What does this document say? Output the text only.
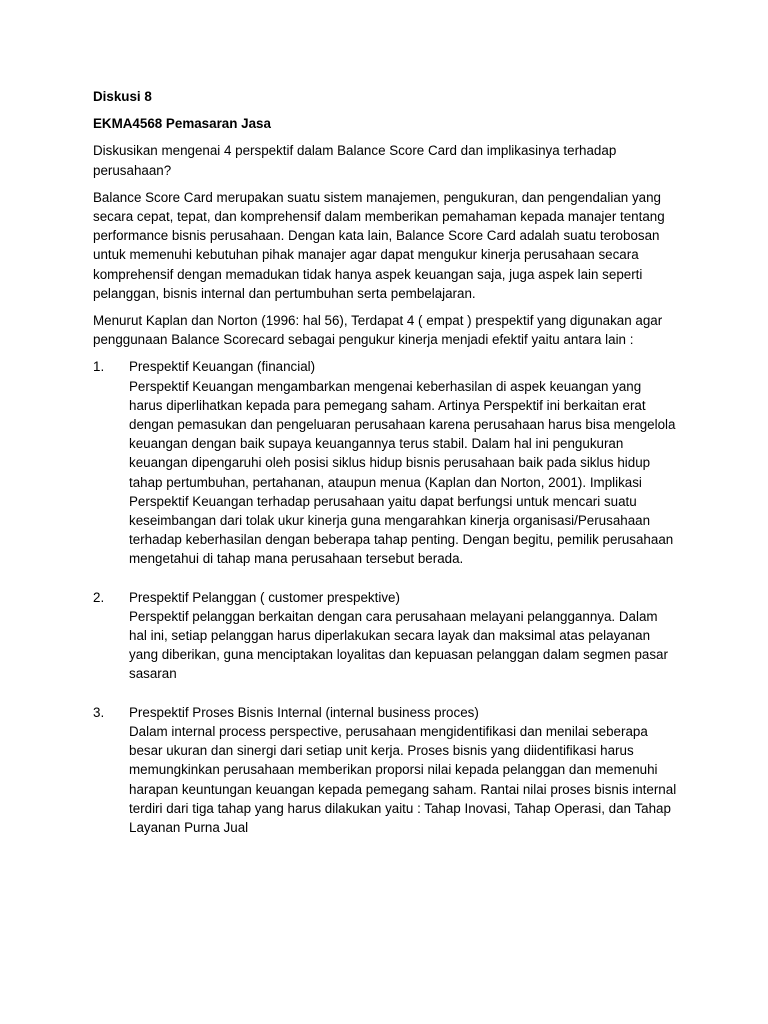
Diskusi 8

EKMA4568 Pemasaran Jasa

Diskusikan mengenai 4 perspektif dalam Balance Score Card dan implikasinya terhadap perusahaan?

Balance Score Card merupakan suatu sistem manajemen, pengukuran, dan pengendalian yang secara cepat, tepat, dan komprehensif dalam memberikan pemahaman kepada manajer tentang performance bisnis perusahaan. Dengan kata lain, Balance Score Card adalah suatu terobosan untuk memenuhi kebutuhan pihak manajer agar dapat mengukur kinerja perusahaan secara komprehensif dengan memadukan tidak hanya aspek keuangan saja, juga aspek lain seperti pelanggan, bisnis internal dan pertumbuhan serta pembelajaran.

Menurut Kaplan dan Norton (1996: hal 56), Terdapat 4 ( empat ) prespektif yang digunakan agar penggunaan Balance Scorecard sebagai pengukur kinerja menjadi efektif yaitu antara lain :

1.	Prespektif Keuangan (financial)
Perspektif Keuangan mengambarkan mengenai keberhasilan di aspek keuangan yang harus diperlihatkan kepada para pemegang saham. Artinya Perspektif ini berkaitan erat dengan pemasukan dan pengeluaran perusahaan karena perusahaan harus bisa mengelola keuangan dengan baik supaya keuangannya terus stabil. Dalam hal ini pengukuran keuangan dipengaruhi oleh posisi siklus hidup bisnis perusahaan baik pada siklus hidup tahap pertumbuhan, pertahanan, ataupun menua (Kaplan dan Norton, 2001). Implikasi Perspektif Keuangan terhadap perusahaan yaitu dapat berfungsi untuk mencari suatu keseimbangan dari tolak ukur kinerja guna mengarahkan kinerja organisasi/Perusahaan terhadap keberhasilan dengan beberapa tahap penting. Dengan begitu, pemilik perusahaan mengetahui di tahap mana perusahaan tersebut berada.
2.	Prespektif Pelanggan ( customer prespektive)
Perspektif pelanggan berkaitan dengan cara perusahaan melayani pelanggannya. Dalam hal ini, setiap pelanggan harus diperlakukan secara layak dan maksimal atas pelayanan yang diberikan, guna menciptakan loyalitas dan kepuasan pelanggan dalam segmen pasar sasaran
3.	Prespektif Proses Bisnis Internal (internal business proces)
Dalam internal process perspective, perusahaan mengidentifikasi dan menilai seberapa besar ukuran dan sinergi dari setiap unit kerja. Proses bisnis yang diidentifikasi harus memungkinkan perusahaan memberikan proporsi nilai kepada pelanggan dan memenuhi harapan keuntungan keuangan kepada pemegang saham. Rantai nilai proses bisnis internal terdiri dari tiga tahap yang harus dilakukan yaitu : Tahap Inovasi, Tahap Operasi, dan Tahap Layanan Purna Jual
